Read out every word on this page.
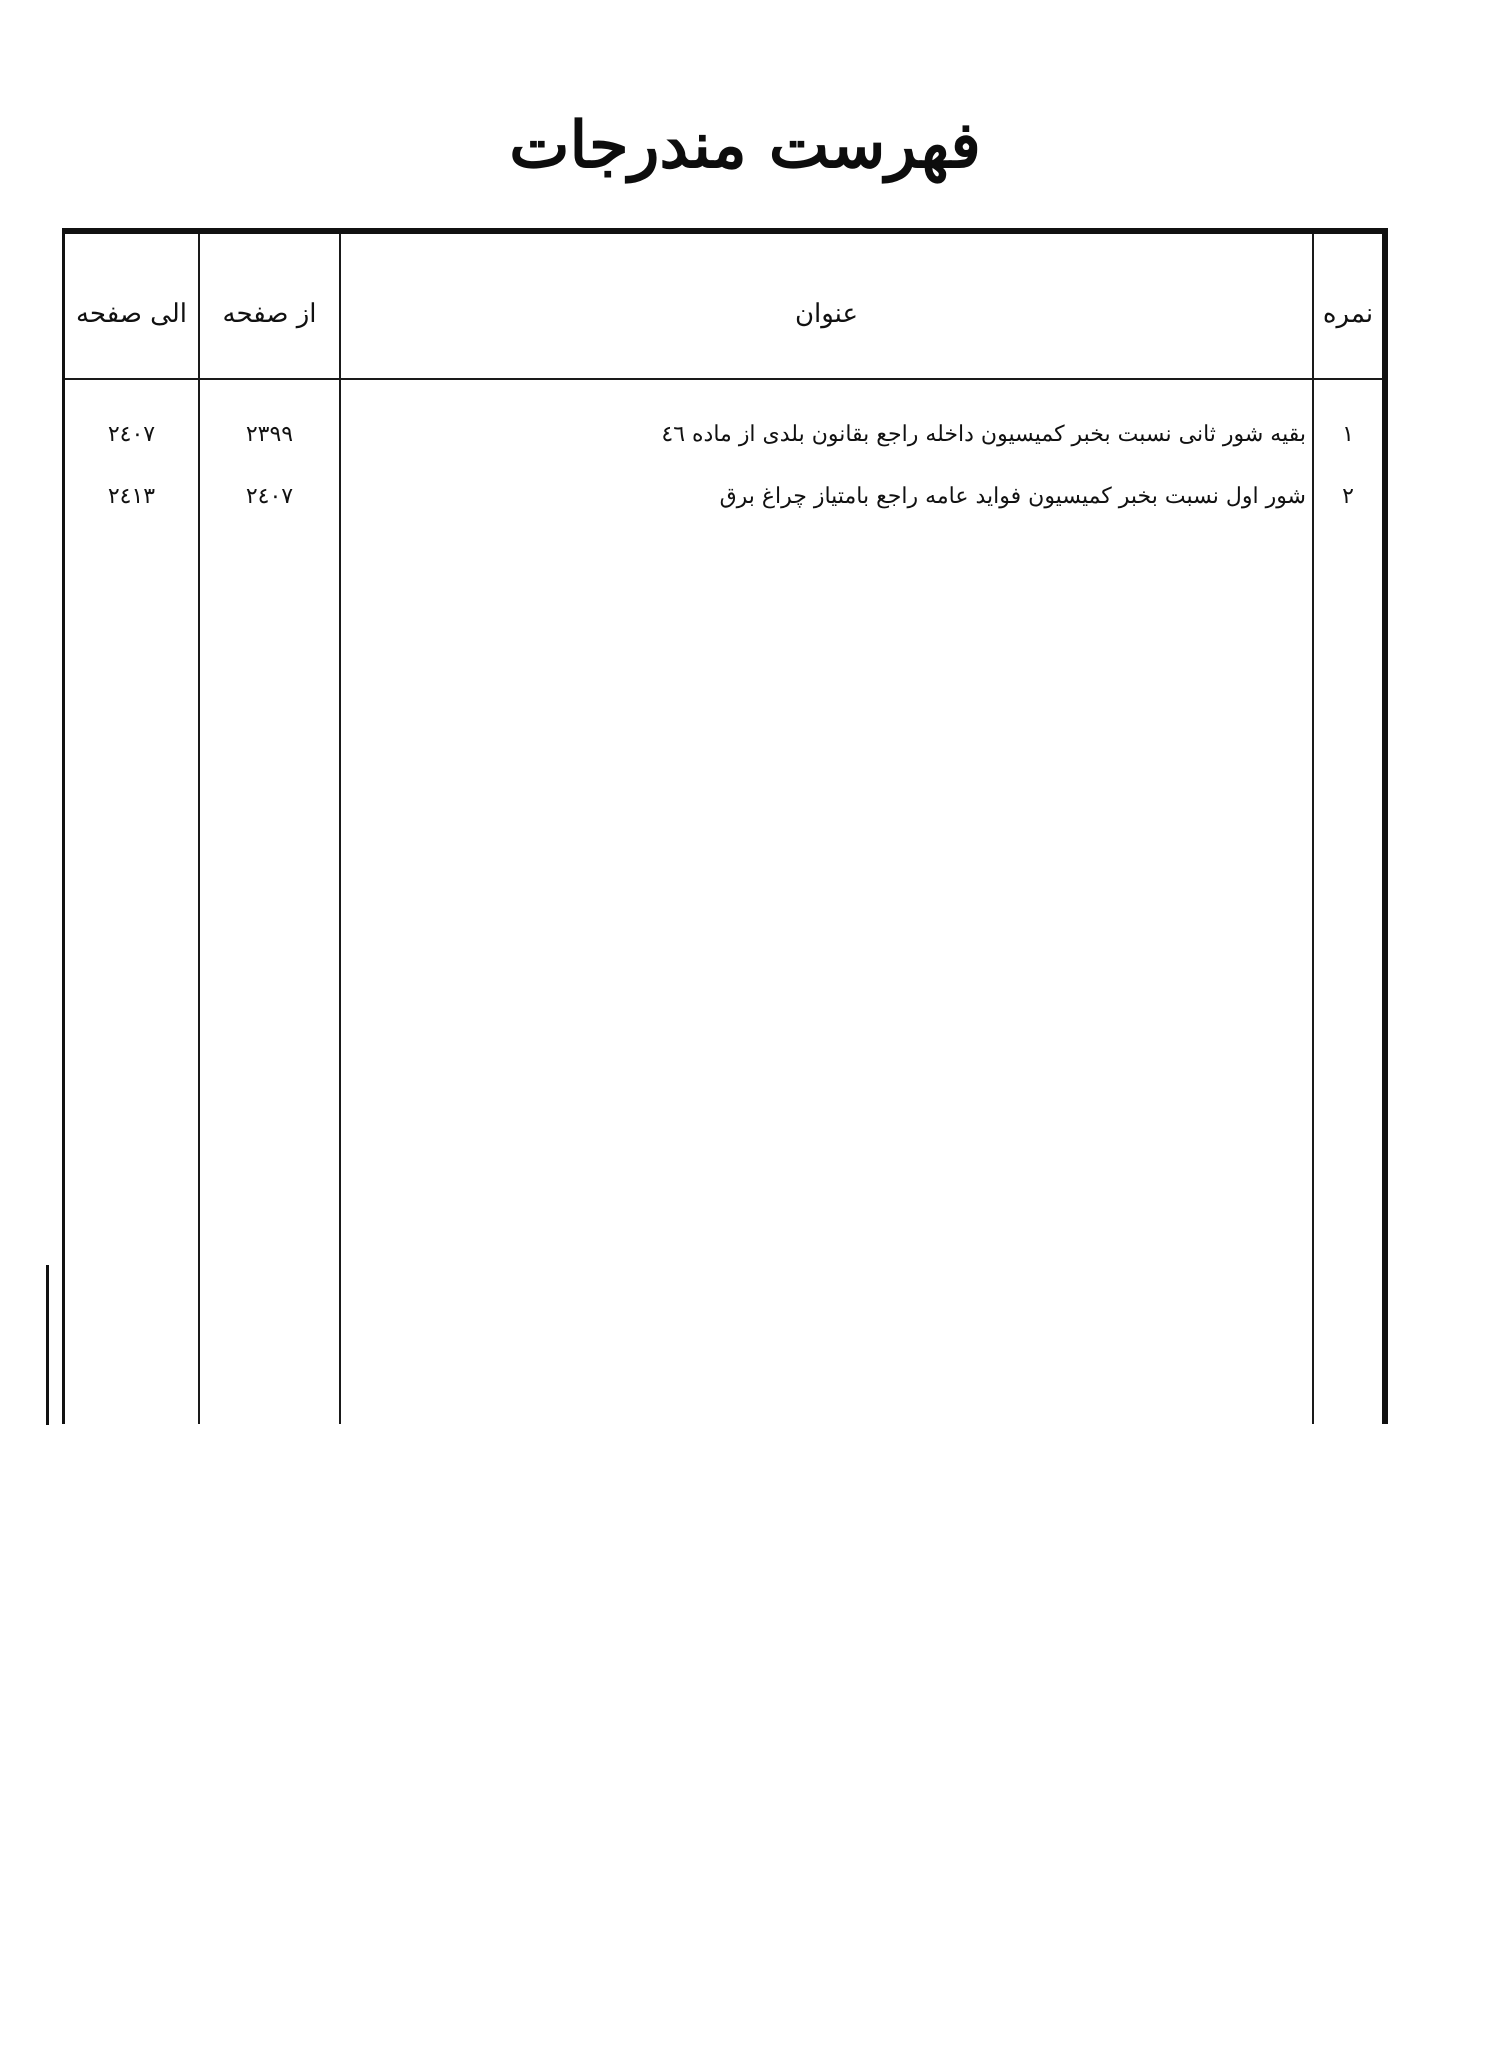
فهرست مندرجات
نمره
عنوان
از صفحه
الی صفحه
١
بقیه شور ثانی نسبت بخبر کمیسیون داخله راجع بقانون بلدی از ماده ٤٦
٢٣٩٩
٢٤٠٧
٢
شور اول نسبت بخبر کمیسیون فواید عامه راجع بامتیاز چراغ برق
٢٤٠٧
٢٤١٣
